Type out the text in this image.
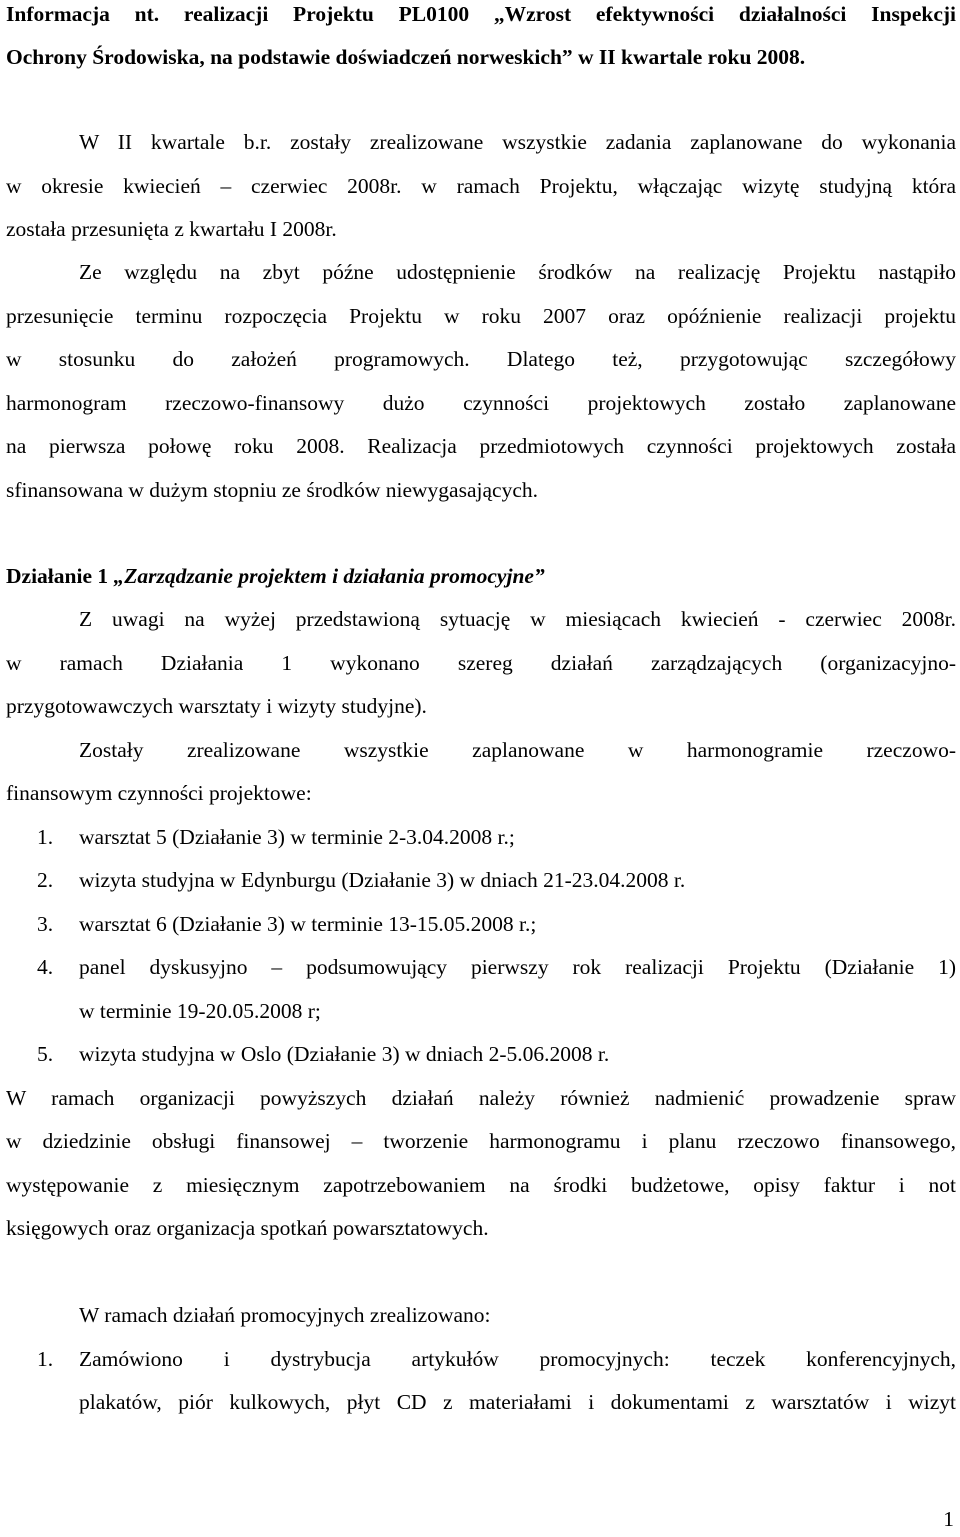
Informacja nt. realizacji Projektu PL0100 „Wzrost efektywności działalności Inspekcji
Ochrony Środowiska, na podstawie doświadczeń norweskich” w II kwartale roku 2008.
W II kwartale b.r. zostały zrealizowane wszystkie zadania zaplanowane do wykonania
w okresie kwiecień – czerwiec 2008r. w ramach Projektu, włączając wizytę studyjną która
została przesunięta z kwartału I 2008r.
Ze względu na zbyt późne udostępnienie środków na realizację Projektu nastąpiło
przesunięcie terminu rozpoczęcia Projektu w roku 2007 oraz opóźnienie realizacji projektu
w stosunku do założeń programowych. Dlatego też, przygotowując szczegółowy
harmonogram rzeczowo-finansowy dużo czynności projektowych zostało zaplanowane
na pierwsza połowę roku 2008. Realizacja przedmiotowych czynności projektowych została
sfinansowana w dużym stopniu ze środków niewygasających.
Działanie 1 „Zarządzanie projektem i działania promocyjne”
Z uwagi na wyżej przedstawioną sytuację w miesiącach kwiecień - czerwiec 2008r.
w ramach Działania 1 wykonano szereg działań zarządzających (organizacyjno-
przygotowawczych warsztaty i wizyty studyjne).
Zostały zrealizowane wszystkie zaplanowane w harmonogramie rzeczowo-
finansowym czynności projektowe:
1. warsztat 5 (Działanie 3) w terminie 2-3.04.2008 r.;
2. wizyta studyjna w Edynburgu (Działanie 3) w dniach 21-23.04.2008 r.
3. warsztat 6 (Działanie 3) w terminie 13-15.05.2008 r.;
4. panel dyskusyjno – podsumowujący pierwszy rok realizacji Projektu (Działanie 1)
w terminie 19-20.05.2008 r;
5. wizyta studyjna w Oslo (Działanie 3) w dniach 2-5.06.2008 r.
W ramach organizacji powyższych działań należy również nadmienić prowadzenie spraw
w dziedzinie obsługi finansowej – tworzenie harmonogramu i planu rzeczowo finansowego,
występowanie z miesięcznym zapotrzebowaniem na środki budżetowe, opisy faktur i not
księgowych oraz organizacja spotkań powarsztatowych.
W ramach działań promocyjnych zrealizowano:
1. Zamówiono i dystrybucja artykułów promocyjnych: teczek konferencyjnych,
plakatów, piór kulkowych, płyt CD z materiałami i dokumentami z warsztatów i wizyt
1
